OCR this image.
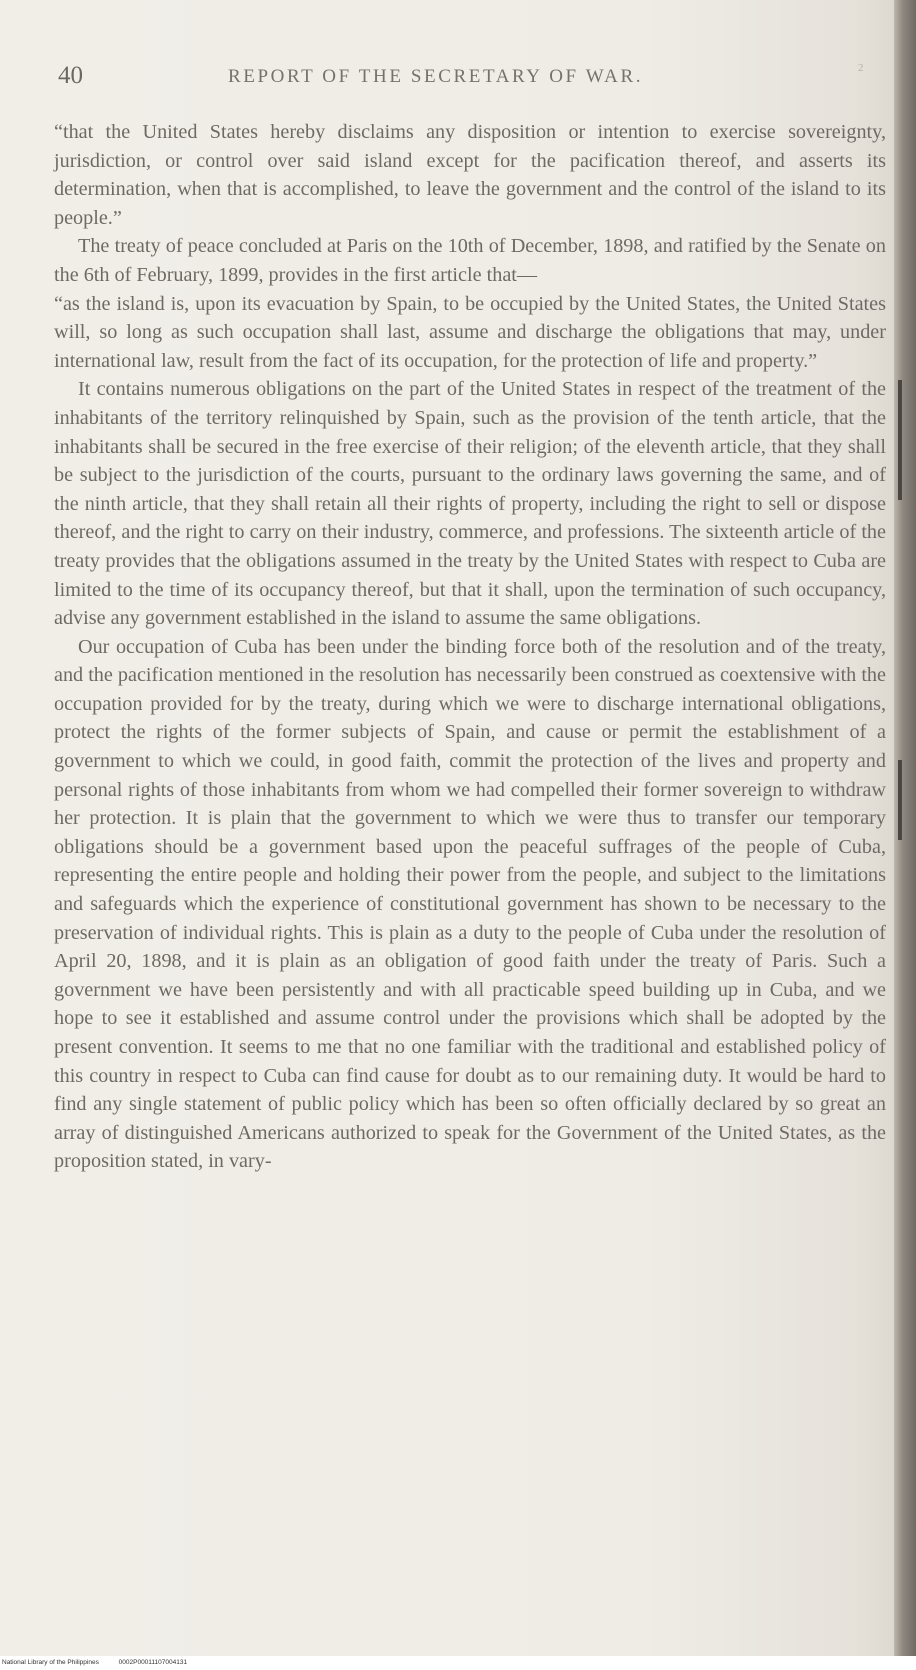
40	REPORT OF THE SECRETARY OF WAR.	2

“that the United States hereby disclaims any disposition or intention to exercise sovereignty, jurisdiction, or control over said island except for the pacification thereof, and asserts its determination, when that is accomplished, to leave the government and the control of the island to its people.”

The treaty of peace concluded at Paris on the 10th of December, 1898, and ratified by the Senate on the 6th of February, 1899, provides in the first article that—

“as the island is, upon its evacuation by Spain, to be occupied by the United States, the United States will, so long as such occupation shall last, assume and discharge the obligations that may, under international law, result from the fact of its occupation, for the protection of life and property.”

It contains numerous obligations on the part of the United States in respect of the treatment of the inhabitants of the territory relinquished by Spain, such as the provision of the tenth article, that the inhabitants shall be secured in the free exercise of their religion; of the eleventh article, that they shall be subject to the jurisdiction of the courts, pursuant to the ordinary laws governing the same, and of the ninth article, that they shall retain all their rights of property, including the right to sell or dispose thereof, and the right to carry on their industry, commerce, and professions. The sixteenth article of the treaty provides that the obligations assumed in the treaty by the United States with respect to Cuba are limited to the time of its occupancy thereof, but that it shall, upon the termination of such occupancy, advise any government established in the island to assume the same obligations.

Our occupation of Cuba has been under the binding force both of the resolution and of the treaty, and the pacification mentioned in the resolution has necessarily been construed as coextensive with the occupation provided for by the treaty, during which we were to discharge international obligations, protect the rights of the former subjects of Spain, and cause or permit the establishment of a government to which we could, in good faith, commit the protection of the lives and property and personal rights of those inhabitants from whom we had compelled their former sovereign to withdraw her protection. It is plain that the government to which we were thus to transfer our temporary obligations should be a government based upon the peaceful suffrages of the people of Cuba, representing the entire people and holding their power from the people, and subject to the limitations and safeguards which the experience of constitutional government has shown to be necessary to the preservation of individual rights. This is plain as a duty to the people of Cuba under the resolution of April 20, 1898, and it is plain as an obligation of good faith under the treaty of Paris. Such a government we have been persistently and with all practicable speed building up in Cuba, and we hope to see it established and assume control under the provisions which shall be adopted by the present convention. It seems to me that no one familiar with the traditional and established policy of this country in respect to Cuba can find cause for doubt as to our remaining duty. It would be hard to find any single statement of public policy which has been so often officially declared by so great an array of distinguished Americans authorized to speak for the Government of the United States, as the proposition stated, in vary-

National Library of the Philippines	0002P00011107004131
